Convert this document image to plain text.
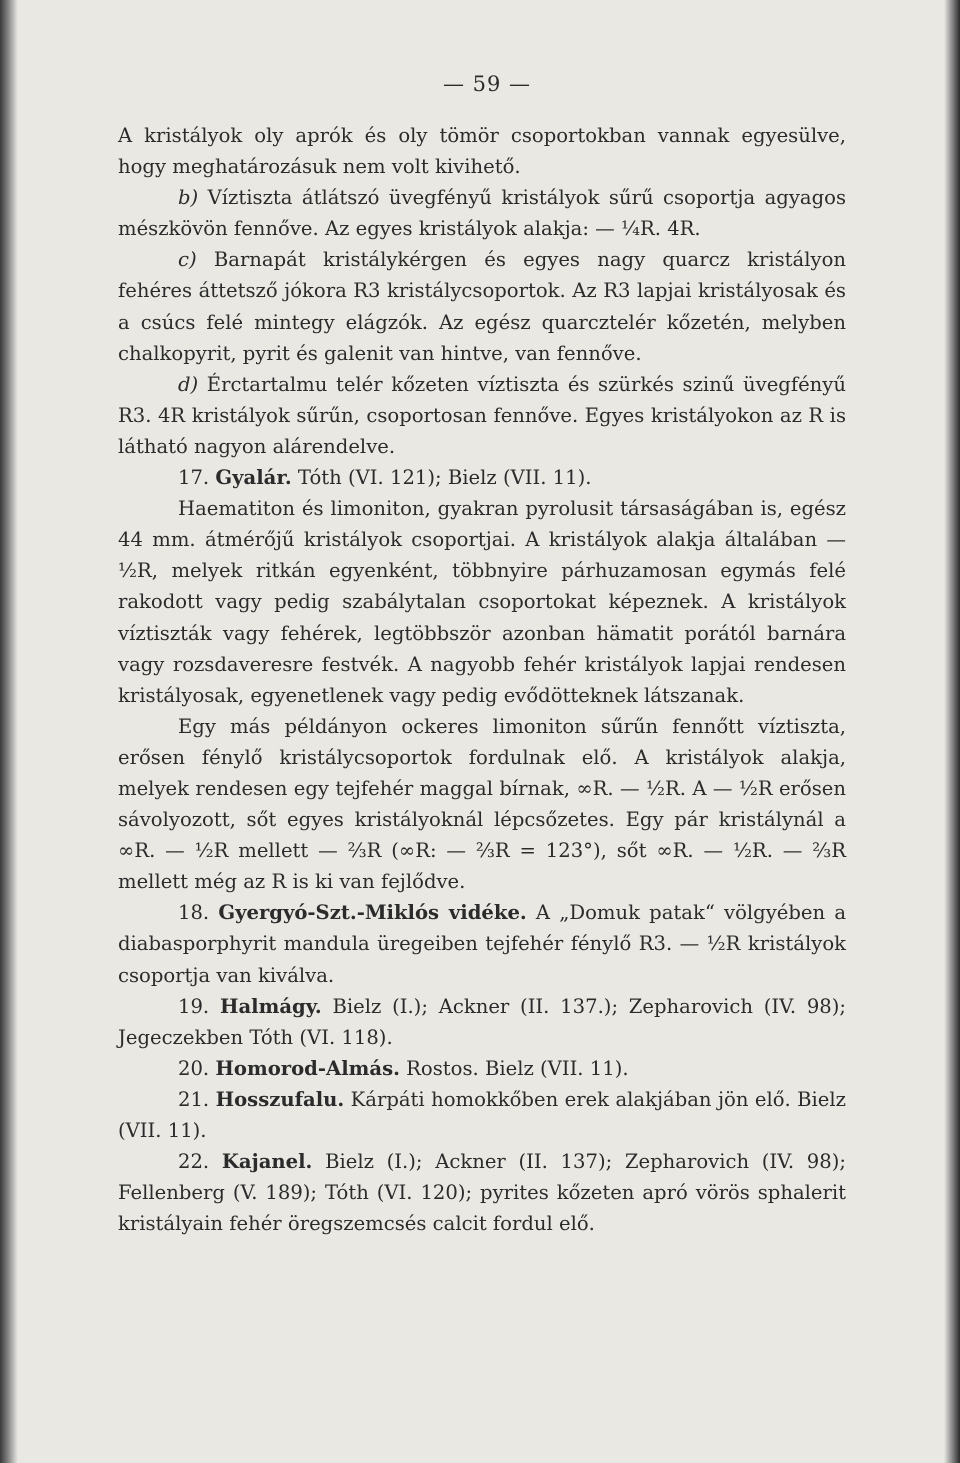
— 59 —

A kristályok oly aprók és oly tömör csoportokban vannak egyesülve, hogy meghatározásuk nem volt kivihető.

b) Víztiszta átlátszó üvegfényű kristályok sűrű csoportja agyagos mészkövön fennőve. Az egyes kristályok alakja: — ¼R. 4R.

c) Barnapát kristálykérgen és egyes nagy quarcz kristályon fehéres áttetsző jókora R3 kristálycsoportok. Az R3 lapjai kristályosak és a csúcs felé mintegy elágzók. Az egész quarcztelér kőzetén, melyben chalkopyrit, pyrit és galenit van hintve, van fennőve.

d) Érctartalmu telér kőzeten víztiszta és szürkés szinű üvegfényű R3. 4R kristályok sűrűn, csoportosan fennőve. Egyes kristályokon az R is látható nagyon alárendelve.

17. Gyalár. Tóth (VI. 121); Bielz (VII. 11).

Haematiton és limoniton, gyakran pyrolusit társaságában is, egész 44 mm. átmérőjű kristályok csoportjai. A kristályok alakja általában — ½R, melyek ritkán egyenként, többnyire párhuzamosan egymás felé rakodott vagy pedig szabálytalan csoportokat képeznek. A kristályok víztiszták vagy fehérek, legtöbbször azonban hämatit porától barnára vagy rozsdaveresre festvék. A nagyobb fehér kristályok lapjai rendesen kristályosak, egyenetlenek vagy pedig evődötteknek látszanak.

Egy más példányon ockeres limoniton sűrűn fennőtt víztiszta, erősen fénylő kristálycsoportok fordulnak elő. A kristályok alakja, melyek rendesen egy tejfehér maggal bírnak, ∞R. — ½R. A — ½R erősen sávolyozott, sőt egyes kristályoknál lépcsőzetes. Egy pár kristálynál a ∞R. — ½R mellett — ⅔R (∞R: — ⅔R = 123°), sőt ∞R. — ½R. — ⅔R mellett még az R is ki van fejlődve.

18. Gyergyó-Szt.-Miklós vidéke. A „Domuk patak“ völgyében a diabasporphyrit mandula üregeiben tejfehér fénylő R3. — ½R kristályok csoportja van kiválva.

19. Halmágy. Bielz (I.); Ackner (II. 137.); Zepharovich (IV. 98); Jegeczekben Tóth (VI. 118).

20. Homorod-Almás. Rostos. Bielz (VII. 11).

21. Hosszufalu. Kárpáti homokkőben erek alakjában jön elő. Bielz (VII. 11).

22. Kajanel. Bielz (I.); Ackner (II. 137); Zepharovich (IV. 98); Fellenberg (V. 189); Tóth (VI. 120); pyrites kőzeten apró vörös sphalerit kristályain fehér öregszemcsés calcit fordul elő.
